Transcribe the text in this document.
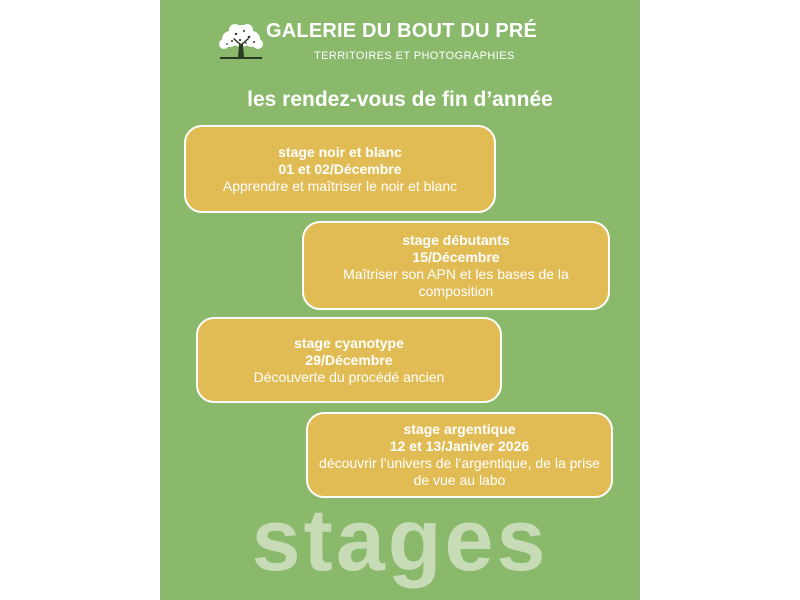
GALERIE DU BOUT DU PRÉ
TERRITOIRES ET PHOTOGRAPHIES
les rendez-vous de fin d’année
stage noir et blanc
01 et 02/Décembre
Apprendre et maîtriser le noir et blanc
stage débutants
15/Décembre
Maîtriser son APN et les bases de la composition
stage cyanotype
29/Décembre
Découverte du procédé ancien
stage argentique
12 et 13/Janiver 2026
découvrir l’univers de l’argentique, de la prise de vue au labo
stages
